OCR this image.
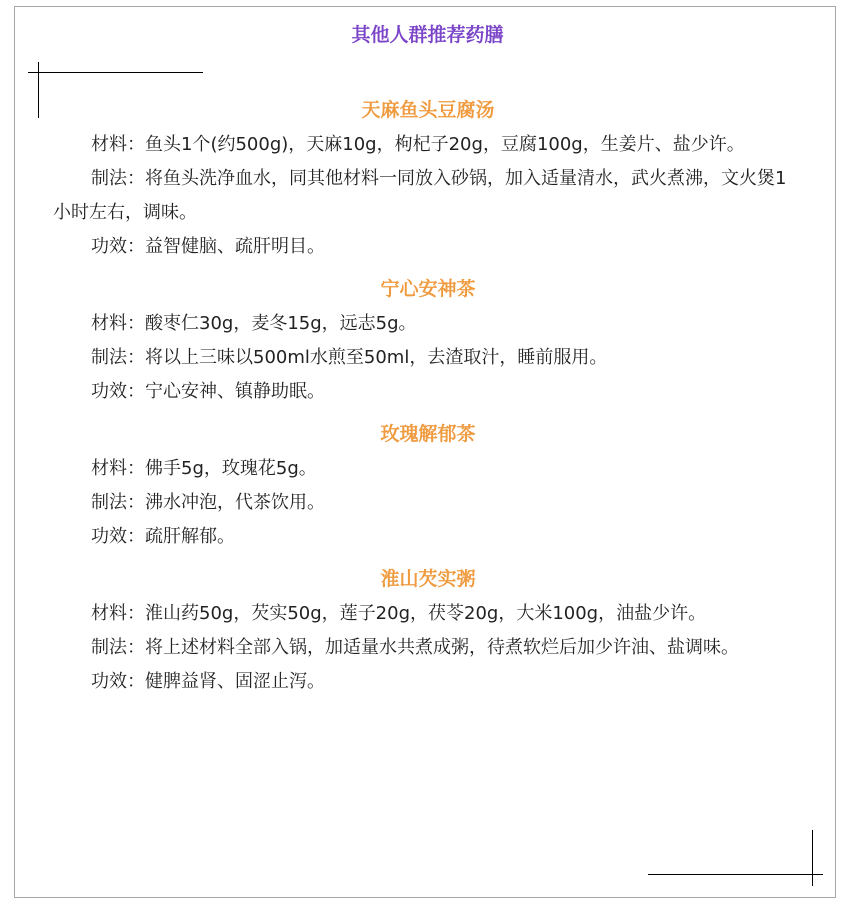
其他人群推荐药膳

天麻鱼头豆腐汤

材料：鱼头1个(约500g)，天麻10g，枸杞子20g，豆腐100g，生姜片、盐少许。

制法：将鱼头洗净血水，同其他材料一同放入砂锅，加入适量清水，武火煮沸，文火煲1小时左右，调味。

功效：益智健脑、疏肝明目。

宁心安神茶

材料：酸枣仁30g，麦冬15g，远志5g。

制法：将以上三味以500ml水煎至50ml，去渣取汁，睡前服用。

功效：宁心安神、镇静助眠。

玫瑰解郁茶

材料：佛手5g，玫瑰花5g。

制法：沸水冲泡，代茶饮用。

功效：疏肝解郁。

淮山芡实粥

材料：淮山药50g，芡实50g，莲子20g，茯苓20g，大米100g，油盐少许。

制法：将上述材料全部入锅，加适量水共煮成粥，待煮软烂后加少许油、盐调味。

功效：健脾益肾、固涩止泻。
